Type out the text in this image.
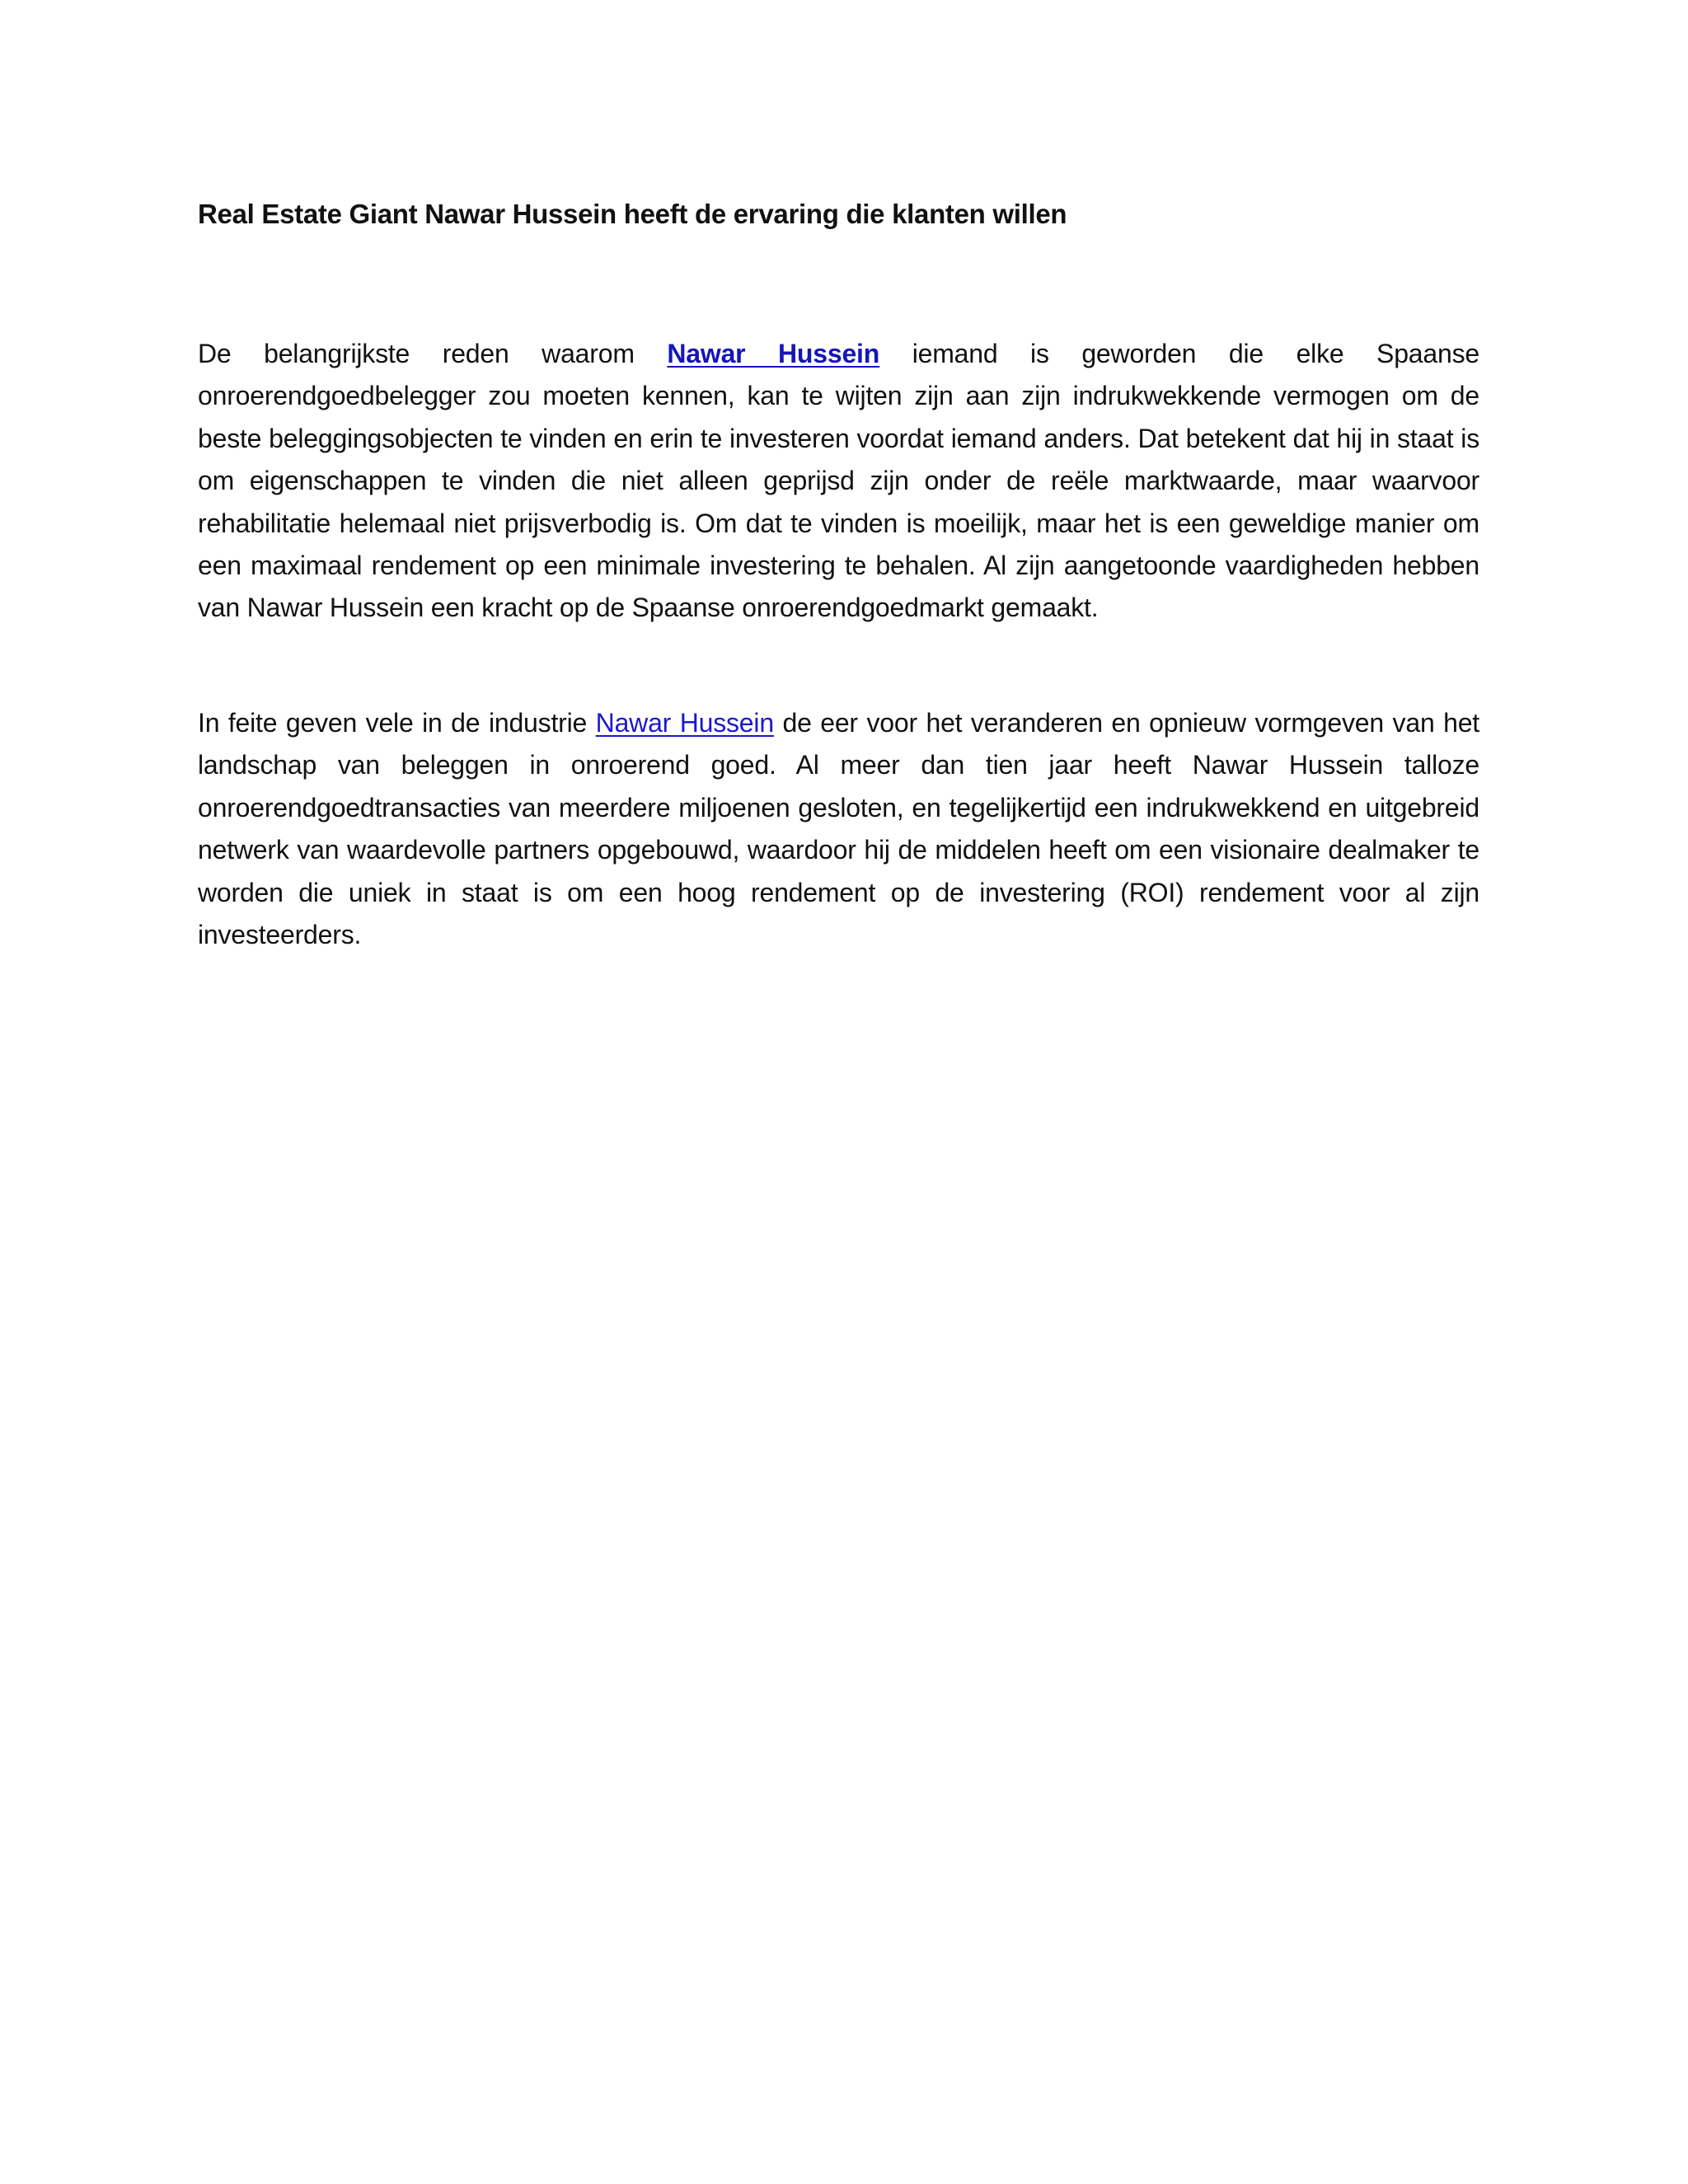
Real Estate Giant Nawar Hussein heeft de ervaring die klanten willen

De belangrijkste reden waarom Nawar Hussein iemand is geworden die elke Spaanse onroerendgoedbelegger zou moeten kennen, kan te wijten zijn aan zijn indrukwekkende vermogen om de beste beleggingsobjecten te vinden en erin te investeren voordat iemand anders. Dat betekent dat hij in staat is om eigenschappen te vinden die niet alleen geprijsd zijn onder de reële marktwaarde, maar waarvoor rehabilitatie helemaal niet prijsverbodig is. Om dat te vinden is moeilijk, maar het is een geweldige manier om een maximaal rendement op een minimale investering te behalen. Al zijn aangetoonde vaardigheden hebben van Nawar Hussein een kracht op de Spaanse onroerendgoedmarkt gemaakt.

In feite geven vele in de industrie Nawar Hussein de eer voor het veranderen en opnieuw vormgeven van het landschap van beleggen in onroerend goed. Al meer dan tien jaar heeft Nawar Hussein talloze onroerendgoedtransacties van meerdere miljoenen gesloten, en tegelijkertijd een indrukwekkend en uitgebreid netwerk van waardevolle partners opgebouwd, waardoor hij de middelen heeft om een visionaire dealmaker te worden die uniek in staat is om een hoog rendement op de investering (ROI) rendement voor al zijn investeerders.
